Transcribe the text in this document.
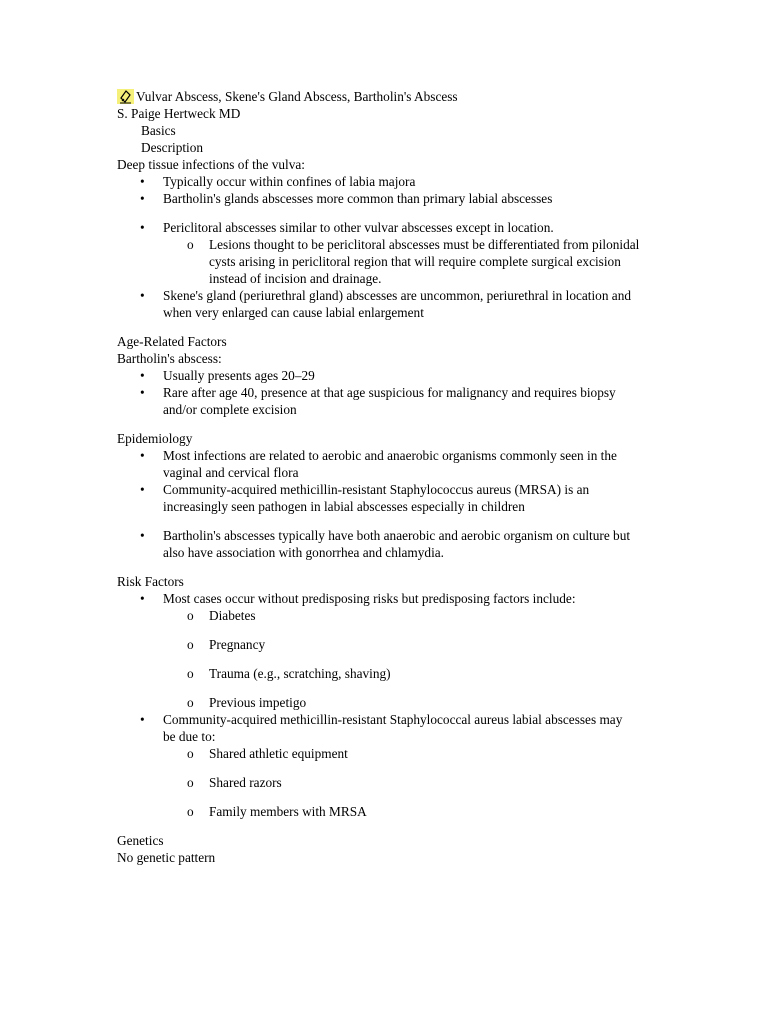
Vulvar Abscess, Skene's Gland Abscess, Bartholin's Abscess

S. Paige Hertweck MD

Basics

Description

Deep tissue infections of the vulva:

• Typically occur within confines of labia majora
• Bartholin's glands abscesses more common than primary labial abscesses
• Periclitoral abscesses similar to other vulvar abscesses except in location.
o Lesions thought to be periclitoral abscesses must be differentiated from pilonidal cysts arising in periclitoral region that will require complete surgical excision instead of incision and drainage.
• Skene's gland (periurethral gland) abscesses are uncommon, periurethral in location and when very enlarged can cause labial enlargement

Age-Related Factors

Bartholin's abscess:

• Usually presents ages 20–29
• Rare after age 40, presence at that age suspicious for malignancy and requires biopsy and/or complete excision

Epidemiology

• Most infections are related to aerobic and anaerobic organisms commonly seen in the vaginal and cervical flora
• Community-acquired methicillin-resistant Staphylococcus aureus (MRSA) is an increasingly seen pathogen in labial abscesses especially in children
• Bartholin's abscesses typically have both anaerobic and aerobic organism on culture but also have association with gonorrhea and chlamydia.

Risk Factors

• Most cases occur without predisposing risks but predisposing factors include:
o Diabetes
o Pregnancy
o Trauma (e.g., scratching, shaving)
o Previous impetigo
• Community-acquired methicillin-resistant Staphylococcal aureus labial abscesses may be due to:
o Shared athletic equipment
o Shared razors
o Family members with MRSA

Genetics

No genetic pattern
